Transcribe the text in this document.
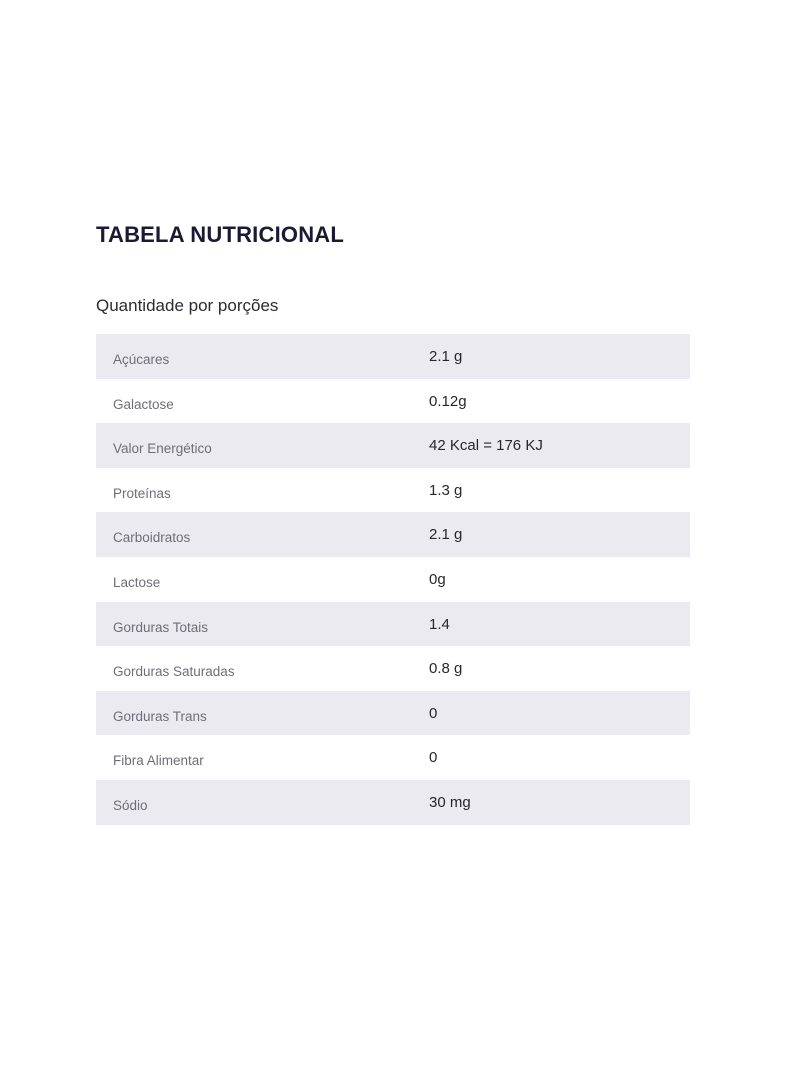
TABELA NUTRICIONAL

Quantidade por porções

Açúcares	2.1 g
Galactose	0.12g
Valor Energético	42 Kcal = 176 KJ
Proteínas	1.3 g
Carboidratos	2.1 g
Lactose	0g
Gorduras Totais	1.4
Gorduras Saturadas	0.8 g
Gorduras Trans	0
Fibra Alimentar	0
Sódio	30 mg
